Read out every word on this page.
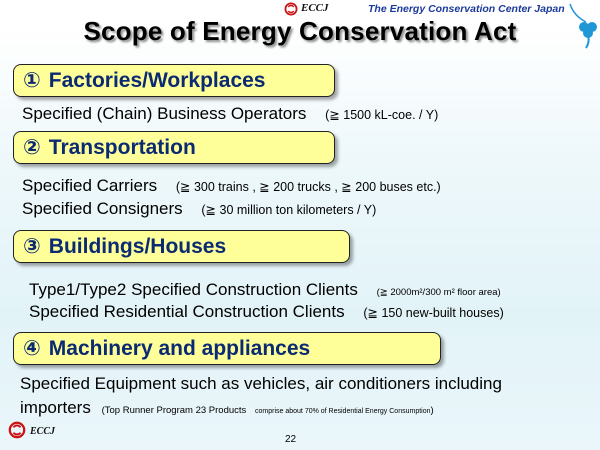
ECCJ	The Energy Conservation Center Japan
Scope of Energy Conservation Act
① Factories/Workplaces
Specified (Chain) Business Operators (≧ 1500 kL-coe. / Y)
② Transportation
Specified Carriers (≧ 300 trains , ≧ 200 trucks , ≧ 200 buses etc.)
Specified Consigners (≧ 30 million ton kilometers / Y)
③ Buildings/Houses
Type1/Type2 Specified Construction Clients (≧ 2000m²/300 m² floor area)
Specified Residential Construction Clients (≧ 150 new-built houses)
④ Machinery and appliances
Specified Equipment such as vehicles, air conditioners including
importers (Top Runner Program 23 Products comprise about 70% of Residential Energy Consumption)
ECCJ
22
